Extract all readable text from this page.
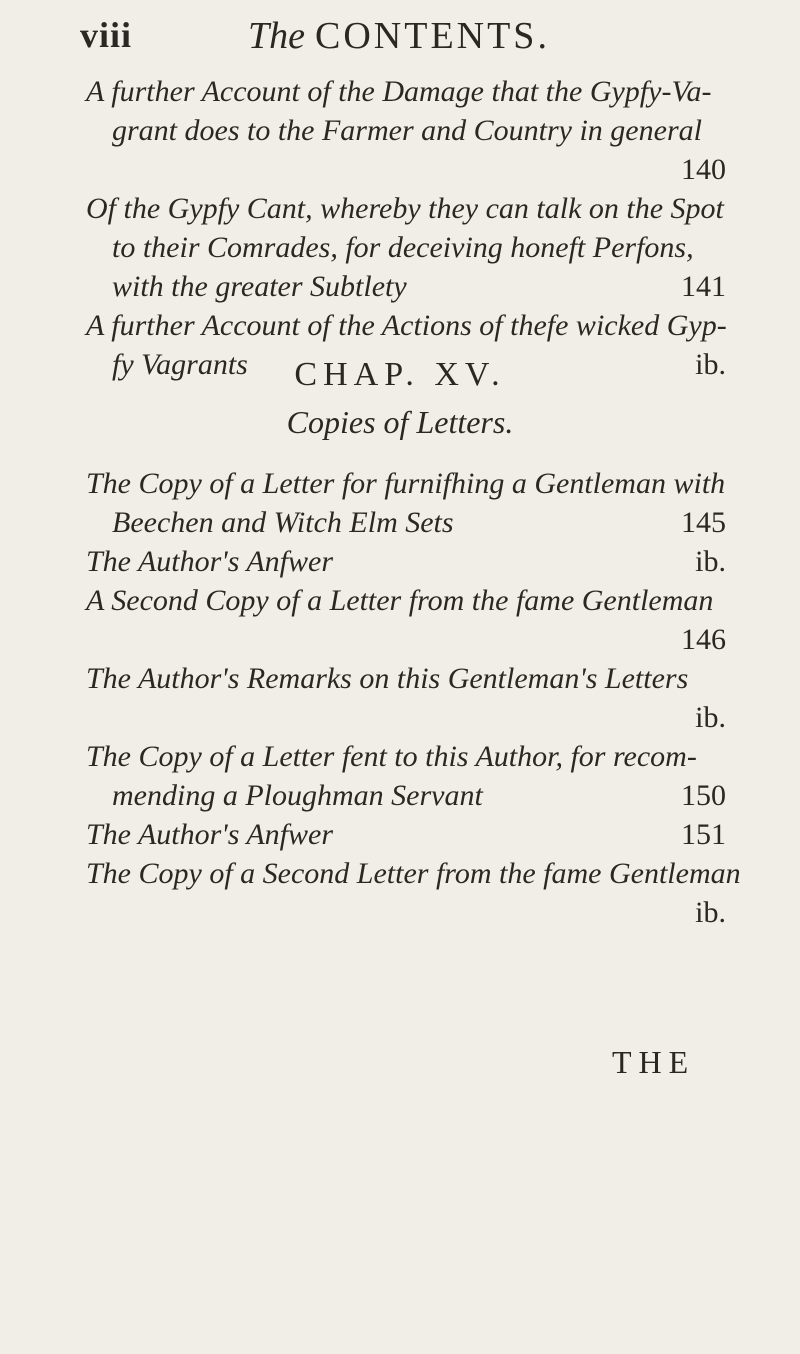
viii	The CONTENTS.
A further Account of the Damage that the Gypfy-Va-
grant does to the Farmer and Country in general
140
Of the Gypfy Cant, whereby they can talk on the Spot
to their Comrades, for deceiving honeft Perfons,
with the greater Subtlety	141
A further Account of the Actions of thefe wicked Gyp-
fy Vagrants	ib.
CHAP. XV.
Copies of Letters.
The Copy of a Letter for furnifhing a Gentleman with
Beechen and Witch Elm Sets	145
The Author's Anfwer	ib.
A Second Copy of a Letter from the fame Gentleman
146
The Author's Remarks on this Gentleman's Letters
ib.
The Copy of a Letter fent to this Author, for recom-
mending a Ploughman Servant	150
The Author's Anfwer	151
The Copy of a Second Letter from the fame Gentleman
ib.
THE
